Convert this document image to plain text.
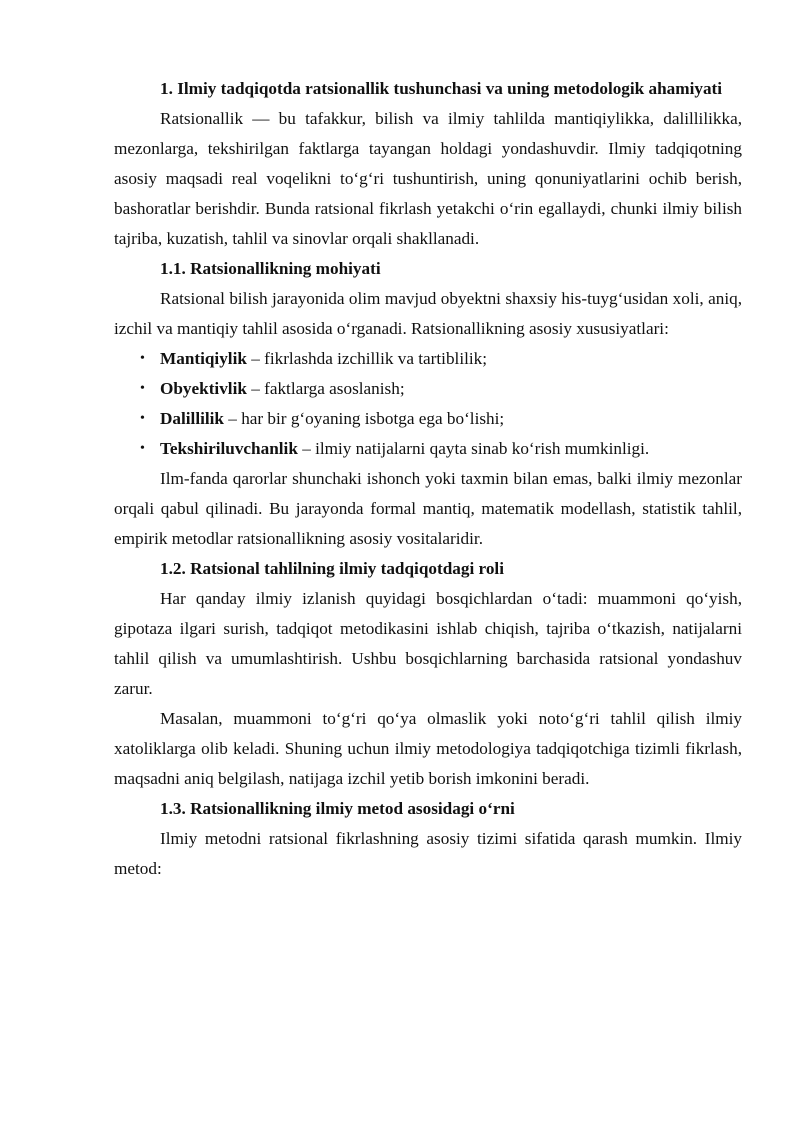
1. Ilmiy tadqiqotda ratsionallik tushunchasi va uning metodologik ahamiyati

Ratsionallik — bu tafakkur, bilish va ilmiy tahlilda mantiqiylikka, dalillilikka, mezonlarga, tekshirilgan faktlarga tayangan holdagi yondashuvdir. Ilmiy tadqiqotning asosiy maqsadi real voqelikni to‘g‘ri tushuntirish, uning qonuniyatlarini ochib berish, bashoratlar berishdir. Bunda ratsional fikrlash yetakchi o‘rin egallaydi, chunki ilmiy bilish tajriba, kuzatish, tahlil va sinovlar orqali shakllanadi.

1.1. Ratsionallikning mohiyati

Ratsional bilish jarayonida olim mavjud obyektni shaxsiy his-tuyg‘usidan xoli, aniq, izchil va mantiqiy tahlil asosida o‘rganadi. Ratsionallikning asosiy xususiyatlari:

• Mantiqiylik – fikrlashda izchillik va tartiblilik;
• Obyektivlik – faktlarga asoslanish;
• Dalillilik – har bir g‘oyaning isbotga ega bo‘lishi;
• Tekshiriluvchanlik – ilmiy natijalarni qayta sinab ko‘rish mumkinligi.

Ilm-fanda qarorlar shunchaki ishonch yoki taxmin bilan emas, balki ilmiy mezonlar orqali qabul qilinadi. Bu jarayonda formal mantiq, matematik modellash, statistik tahlil, empirik metodlar ratsionallikning asosiy vositalaridir.

1.2. Ratsional tahlilning ilmiy tadqiqotdagi roli

Har qanday ilmiy izlanish quyidagi bosqichlardan o‘tadi: muammoni qo‘yish, gipotaza ilgari surish, tadqiqot metodikasini ishlab chiqish, tajriba o‘tkazish, natijalarni tahlil qilish va umumlashtirish. Ushbu bosqichlarning barchasida ratsional yondashuv zarur.

Masalan, muammoni to‘g‘ri qo‘ya olmaslik yoki noto‘g‘ri tahlil qilish ilmiy xatoliklarga olib keladi. Shuning uchun ilmiy metodologiya tadqiqotchiga tizimli fikrlash, maqsadni aniq belgilash, natijaga izchil yetib borish imkonini beradi.

1.3. Ratsionallikning ilmiy metod asosidagi o‘rni

Ilmiy metodni ratsional fikrlashning asosiy tizimi sifatida qarash mumkin. Ilmiy metod:
